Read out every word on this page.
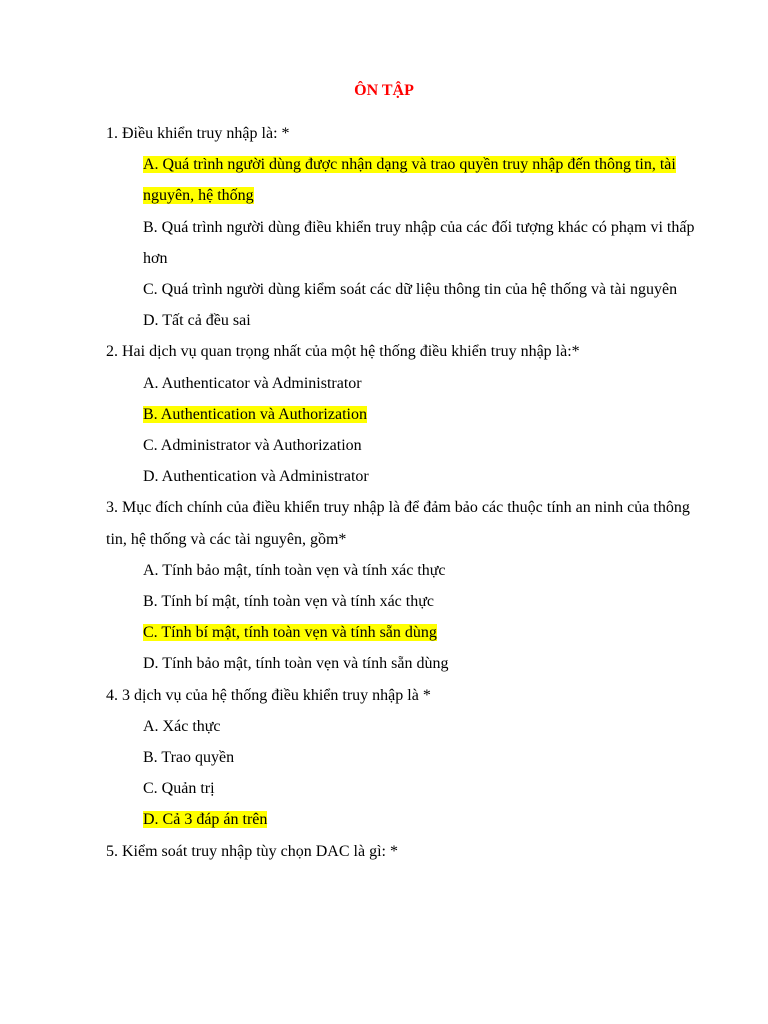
ÔN TẬP

1. Điều khiển truy nhập là: *

A. Quá trình người dùng được nhận dạng và trao quyền truy nhập đến thông tin, tài nguyên, hệ thống

B. Quá trình người dùng điều khiển truy nhập của các đối tượng khác có phạm vi thấp hơn

C. Quá trình người dùng kiểm soát các dữ liệu thông tin của hệ thống và tài nguyên

D. Tất cả đều sai

2. Hai dịch vụ quan trọng nhất của một hệ thống điều khiển truy nhập là:*

A. Authenticator và Administrator

B. Authentication và Authorization

C. Administrator và Authorization

D. Authentication và Administrator

3. Mục đích chính của điều khiển truy nhập là để đảm bảo các thuộc tính an ninh của thông tin, hệ thống và các tài nguyên, gồm*

A. Tính bảo mật, tính toàn vẹn và tính xác thực

B. Tính bí mật, tính toàn vẹn và tính xác thực

C. Tính bí mật, tính toàn vẹn và tính sẵn dùng

D. Tính bảo mật, tính toàn vẹn và tính sẵn dùng

4. 3 dịch vụ của hệ thống điều khiển truy nhập là *

A. Xác thực

B. Trao quyền

C. Quản trị

D. Cả 3 đáp án trên

5. Kiểm soát truy nhập tùy chọn DAC là gì: *
